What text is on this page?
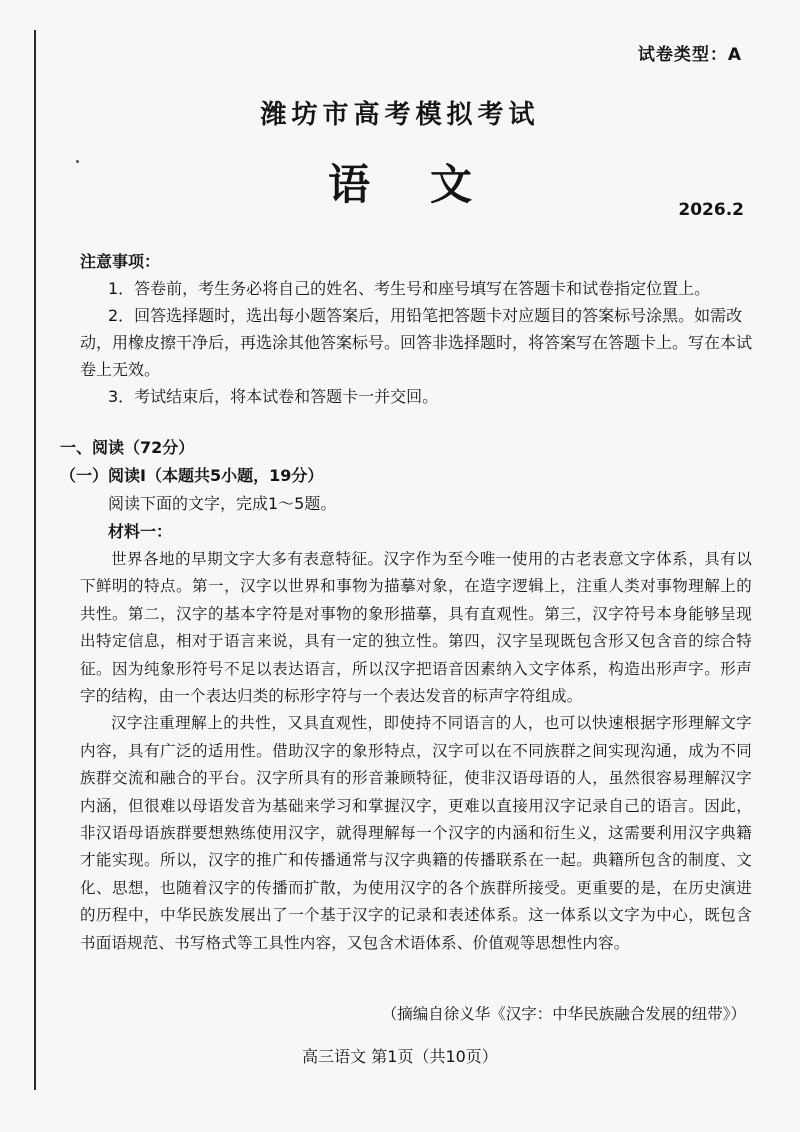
试卷类型：A
潍坊市高考模拟考试
语 文
2026.2

注意事项：

1．答卷前，考生务必将自己的姓名、考生号和座号填写在答题卡和试卷指定位置上。

2．回答选择题时，选出每小题答案后，用铅笔把答题卡对应题目的答案标号涂黑。如需改动，用橡皮擦干净后，再选涂其他答案标号。回答非选择题时，将答案写在答题卡上。写在本试卷上无效。

3．考试结束后，将本试卷和答题卡一并交回。

一、阅读（72分）

（一）阅读Ⅰ（本题共5小题，19分）

阅读下面的文字，完成1～5题。

材料一：

世界各地的早期文字大多有表意特征。汉字作为至今唯一使用的古老表意文字体系，具有以下鲜明的特点。第一，汉字以世界和事物为描摹对象，在造字逻辑上，注重人类对事物理解上的共性。第二，汉字的基本字符是对事物的象形描摹，具有直观性。第三，汉字符号本身能够呈现出特定信息，相对于语言来说，具有一定的独立性。第四，汉字呈现既包含形又包含音的综合特征。因为纯象形符号不足以表达语言，所以汉字把语音因素纳入文字体系，构造出形声字。形声字的结构，由一个表达归类的标形字符与一个表达发音的标声字符组成。

汉字注重理解上的共性，又具直观性，即使持不同语言的人，也可以快速根据字形理解文字内容，具有广泛的适用性。借助汉字的象形特点，汉字可以在不同族群之间实现沟通，成为不同族群交流和融合的平台。汉字所具有的形音兼顾特征，使非汉语母语的人，虽然很容易理解汉字内涵，但很难以母语发音为基础来学习和掌握汉字，更难以直接用汉字记录自己的语言。因此，非汉语母语族群要想熟练使用汉字，就得理解每一个汉字的内涵和衍生义，这需要利用汉字典籍才能实现。所以，汉字的推广和传播通常与汉字典籍的传播联系在一起。典籍所包含的制度、文化、思想，也随着汉字的传播而扩散，为使用汉字的各个族群所接受。更重要的是，在历史演进的历程中，中华民族发展出了一个基于汉字的记录和表述体系。这一体系以文字为中心，既包含书面语规范、书写格式等工具性内容，又包含术语体系、价值观等思想性内容。

（摘编自徐义华《汉字：中华民族融合发展的纽带》）
高三语文 第1页（共10页）
